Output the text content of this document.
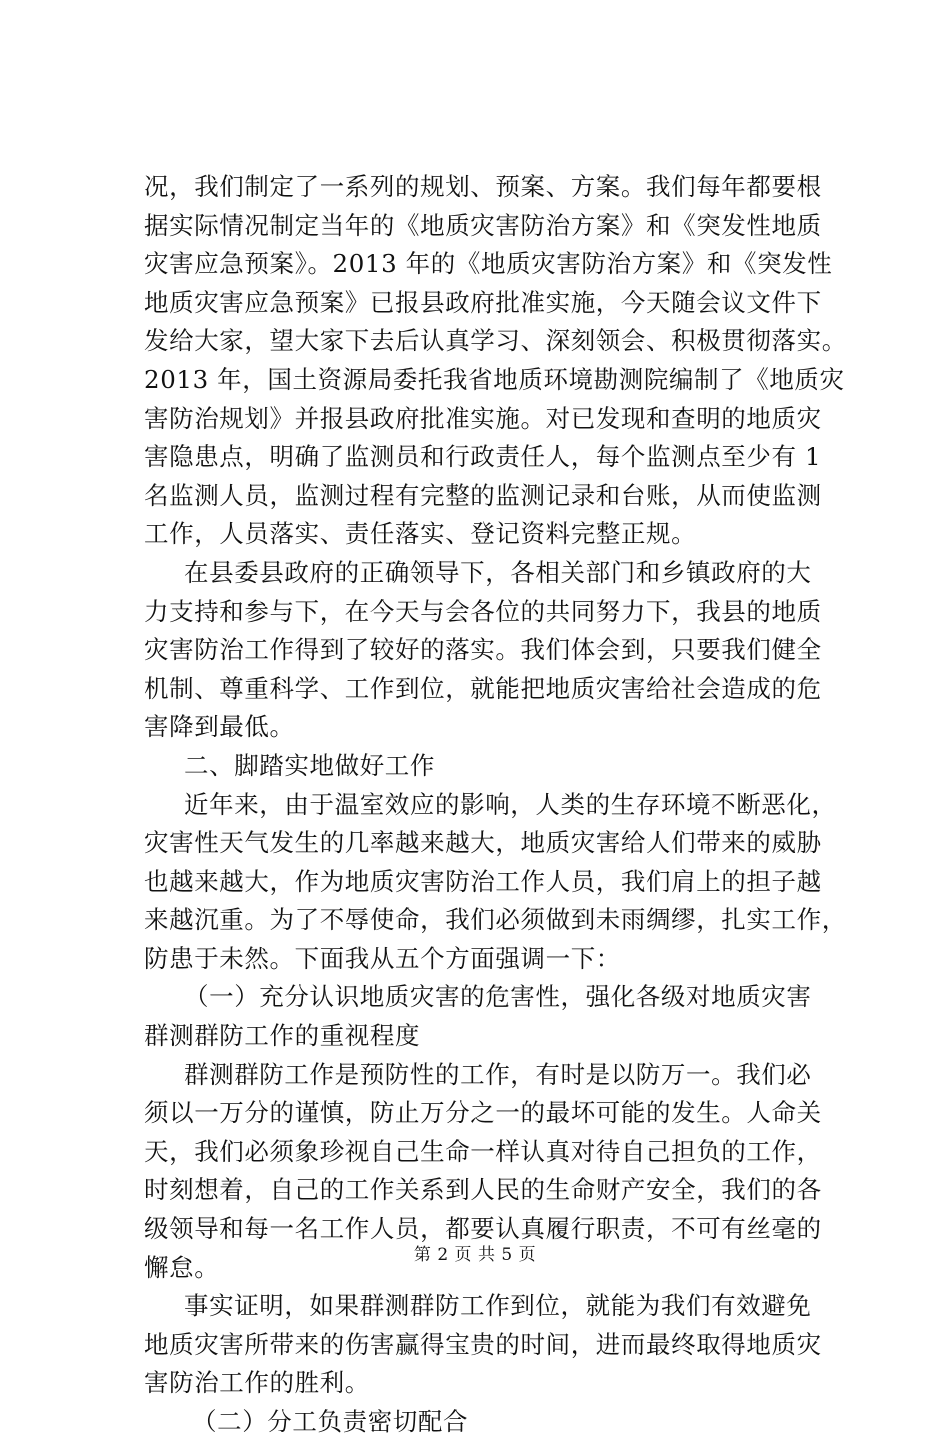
况，我们制定了一系列的规划、预案、方案。我们每年都要根
据实际情况制定当年的《地质灾害防治方案》和《突发性地质
灾害应急预案》。2013 年的《地质灾害防治方案》和《突发性
地质灾害应急预案》已报县政府批准实施，今天随会议文件下
发给大家，望大家下去后认真学习、深刻领会、积极贯彻落实。
2013 年，国土资源局委托我省地质环境勘测院编制了《地质灾
害防治规划》并报县政府批准实施。对已发现和查明的地质灾
害隐患点，明确了监测员和行政责任人，每个监测点至少有 1
名监测人员，监测过程有完整的监测记录和台账，从而使监测
工作，人员落实、责任落实、登记资料完整正规。
在县委县政府的正确领导下，各相关部门和乡镇政府的大
力支持和参与下，在今天与会各位的共同努力下，我县的地质
灾害防治工作得到了较好的落实。我们体会到，只要我们健全
机制、尊重科学、工作到位，就能把地质灾害给社会造成的危
害降到最低。
二、脚踏实地做好工作
近年来，由于温室效应的影响，人类的生存环境不断恶化，
灾害性天气发生的几率越来越大，地质灾害给人们带来的威胁
也越来越大，作为地质灾害防治工作人员，我们肩上的担子越
来越沉重。为了不辱使命，我们必须做到未雨绸缪，扎实工作，
防患于未然。下面我从五个方面强调一下：
（一）充分认识地质灾害的危害性，强化各级对地质灾害
群测群防工作的重视程度
群测群防工作是预防性的工作，有时是以防万一。我们必
须以一万分的谨慎，防止万分之一的最坏可能的发生。人命关
天，我们必须象珍视自己生命一样认真对待自己担负的工作，
时刻想着，自己的工作关系到人民的生命财产安全，我们的各
级领导和每一名工作人员，都要认真履行职责，不可有丝毫的
懈怠。
事实证明，如果群测群防工作到位，就能为我们有效避免
地质灾害所带来的伤害赢得宝贵的时间，进而最终取得地质灾
害防治工作的胜利。
（二）分工负责密切配合
第 2 页 共 5 页
